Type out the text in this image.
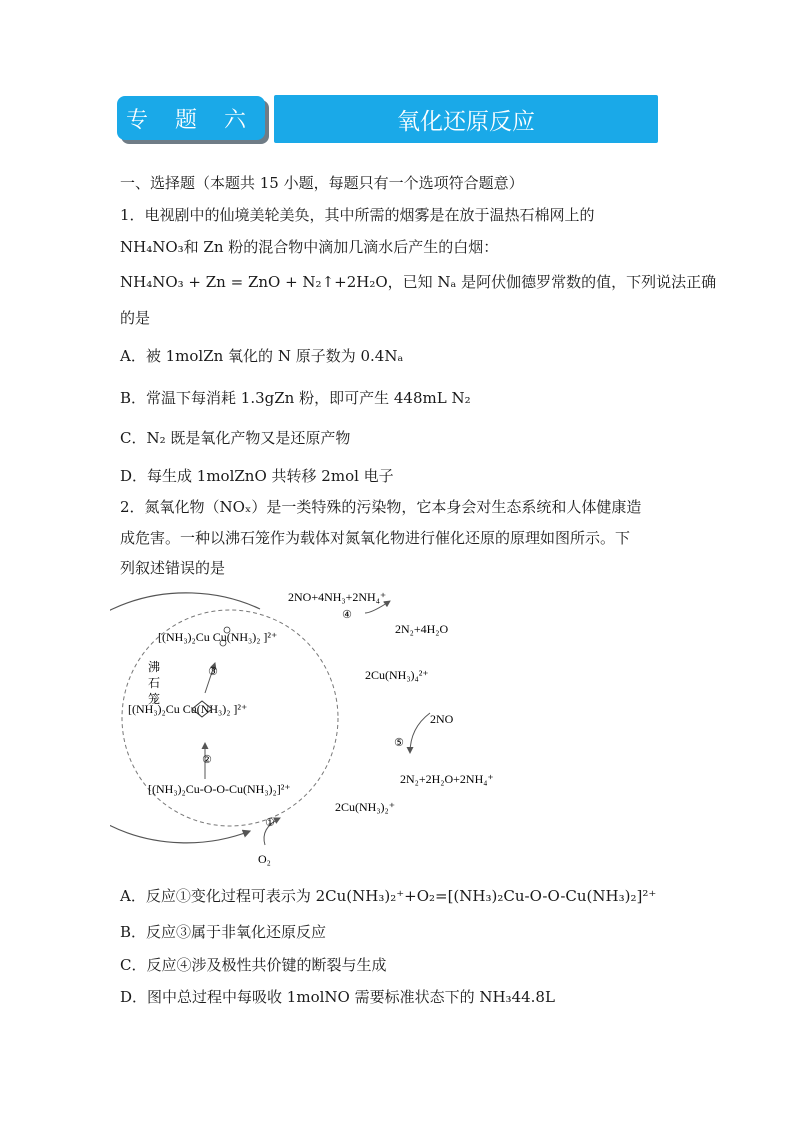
专 题 六	氧化还原反应
一、选择题（本题共 15 小题，每题只有一个选项符合题意）
1．电视剧中的仙境美轮美奂，其中所需的烟雾是在放于温热石棉网上的
NH₄NO₃和 Zn 粉的混合物中滴加几滴水后产生的白烟：
NH₄NO₃ + Zn = ZnO + N₂↑+2H₂O，已知 Nₐ 是阿伏伽德罗常数的值，下列说法正确
的是
A．被 1molZn 氧化的 N 原子数为 0.4Nₐ
B．常温下每消耗 1.3gZn 粉，即可产生 448mL N₂
C．N₂ 既是氧化产物又是还原产物
D．每生成 1molZnO 共转移 2mol 电子
2．氮氧化物（NOₓ）是一类特殊的污染物，它本身会对生态系统和人体健康造
成危害。一种以沸石笼作为载体对氮氧化物进行催化还原的原理如图所示。下
列叙述错误的是
2NO+4NH₃+2NH₄⁺
2N₂+4H₂O
2Cu(NH₃)₄²⁺
2NO
2N₂+2H₂O+2NH₄⁺
2Cu(NH₃)₂⁺
O₂
[(NH₃)₂Cu-O-O-Cu(NH₃)₂]²⁺
[(NH₃)₂Cu Cu(NH₃)₂ ]²⁺
[(NH₃)₂Cu Cu(NH₃)₂ ]²⁺
沸
石
笼
①
②
③
④
⑤
A．反应①变化过程可表示为 2Cu(NH₃)₂⁺+O₂=[(NH₃)₂Cu-O-O-Cu(NH₃)₂]²⁺
B．反应③属于非氧化还原反应
C．反应④涉及极性共价键的断裂与生成
D．图中总过程中每吸收 1molNO 需要标准状态下的 NH₃44.8L
